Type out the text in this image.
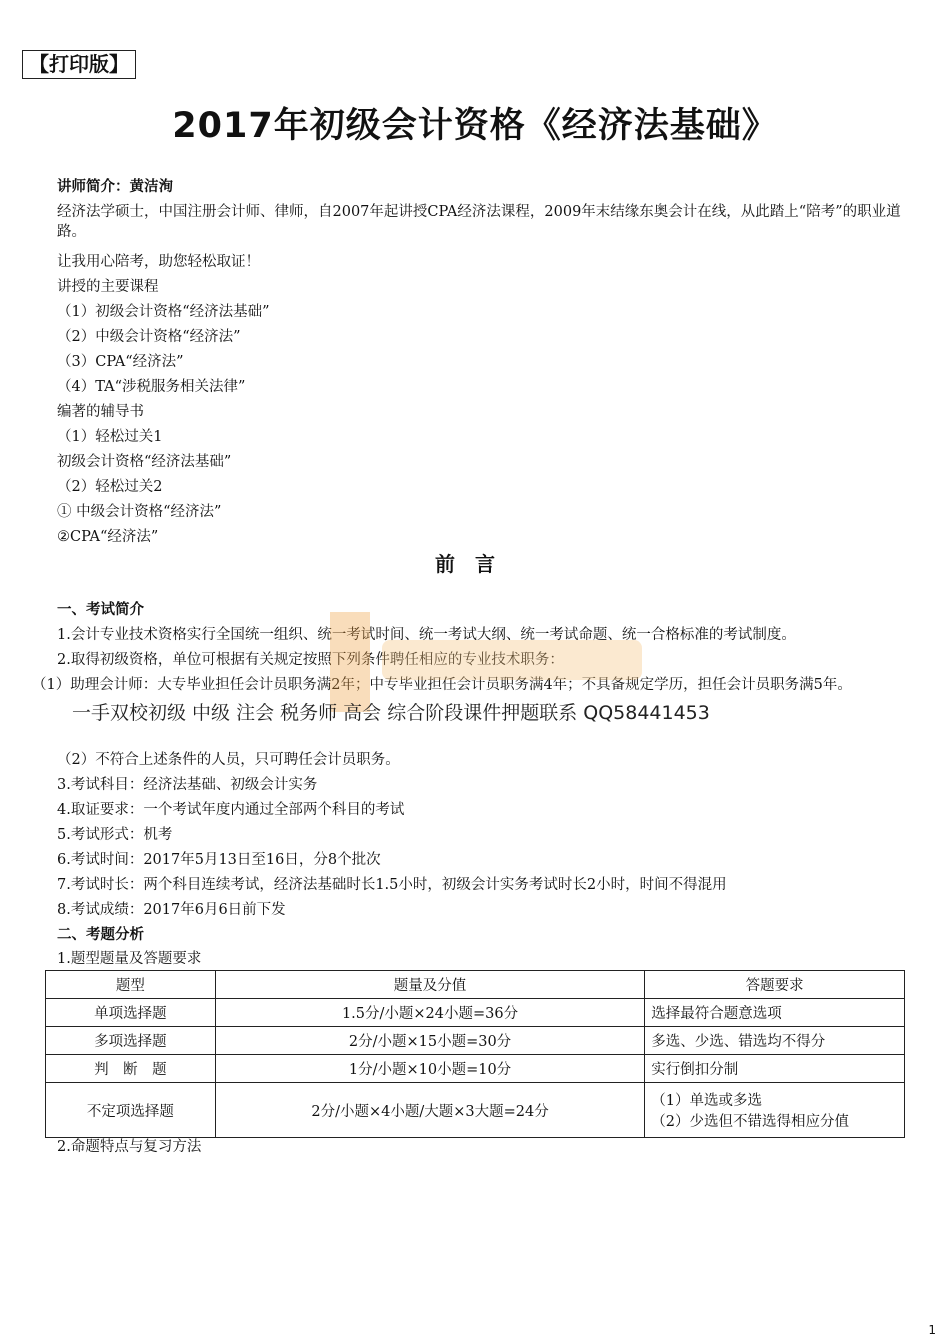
【打印版】
2017年初级会计资格《经济法基础》
讲师简介：黄洁洵
经济法学硕士，中国注册会计师、律师，自2007年起讲授CPA经济法课程，2009年末结缘东奥会计在线，从此踏上“陪考”的职业道路。
让我用心陪考，助您轻松取证！
讲授的主要课程
（1）初级会计资格“经济法基础”
（2）中级会计资格“经济法”
（3）CPA“经济法”
（4）TA“涉税服务相关法律”
编著的辅导书
（1）轻松过关1
初级会计资格“经济法基础”
（2）轻松过关2
① 中级会计资格“经济法”
②CPA“经济法”
前言
一、考试简介
1.会计专业技术资格实行全国统一组织、统一考试时间、统一考试大纲、统一考试命题、统一合格标准的考试制度。
2.取得初级资格，单位可根据有关规定按照下列条件聘任相应的专业技术职务：
（1）助理会计师：大专毕业担任会计员职务满2年；中专毕业担任会计员职务满4年；不具备规定学历，担任会计员职务满5年。
一手双校初级 中级 注会 税务师 高会 综合阶段课件押题联系 QQ58441453
（2）不符合上述条件的人员，只可聘任会计员职务。
3.考试科目：经济法基础、初级会计实务
4.取证要求：一个考试年度内通过全部两个科目的考试
5.考试形式：机考
6.考试时间：2017年5月13日至16日，分8个批次
7.考试时长：两个科目连续考试，经济法基础时长1.5小时，初级会计实务考试时长2小时，时间不得混用
8.考试成绩：2017年6月6日前下发
二、考题分析
1.题型题量及答题要求
题型	题量及分值	答题要求
单项选择题	1.5分/小题×24小题=36分	选择最符合题意选项
多项选择题	2分/小题×15小题=30分	多选、少选、错选均不得分
判　断　题	1分/小题×10小题=10分	实行倒扣分制
不定项选择题	2分/小题×4小题/大题×3大题=24分	（1）单选或多选
（2）少选但不错选得相应分值
2.命题特点与复习方法
1
